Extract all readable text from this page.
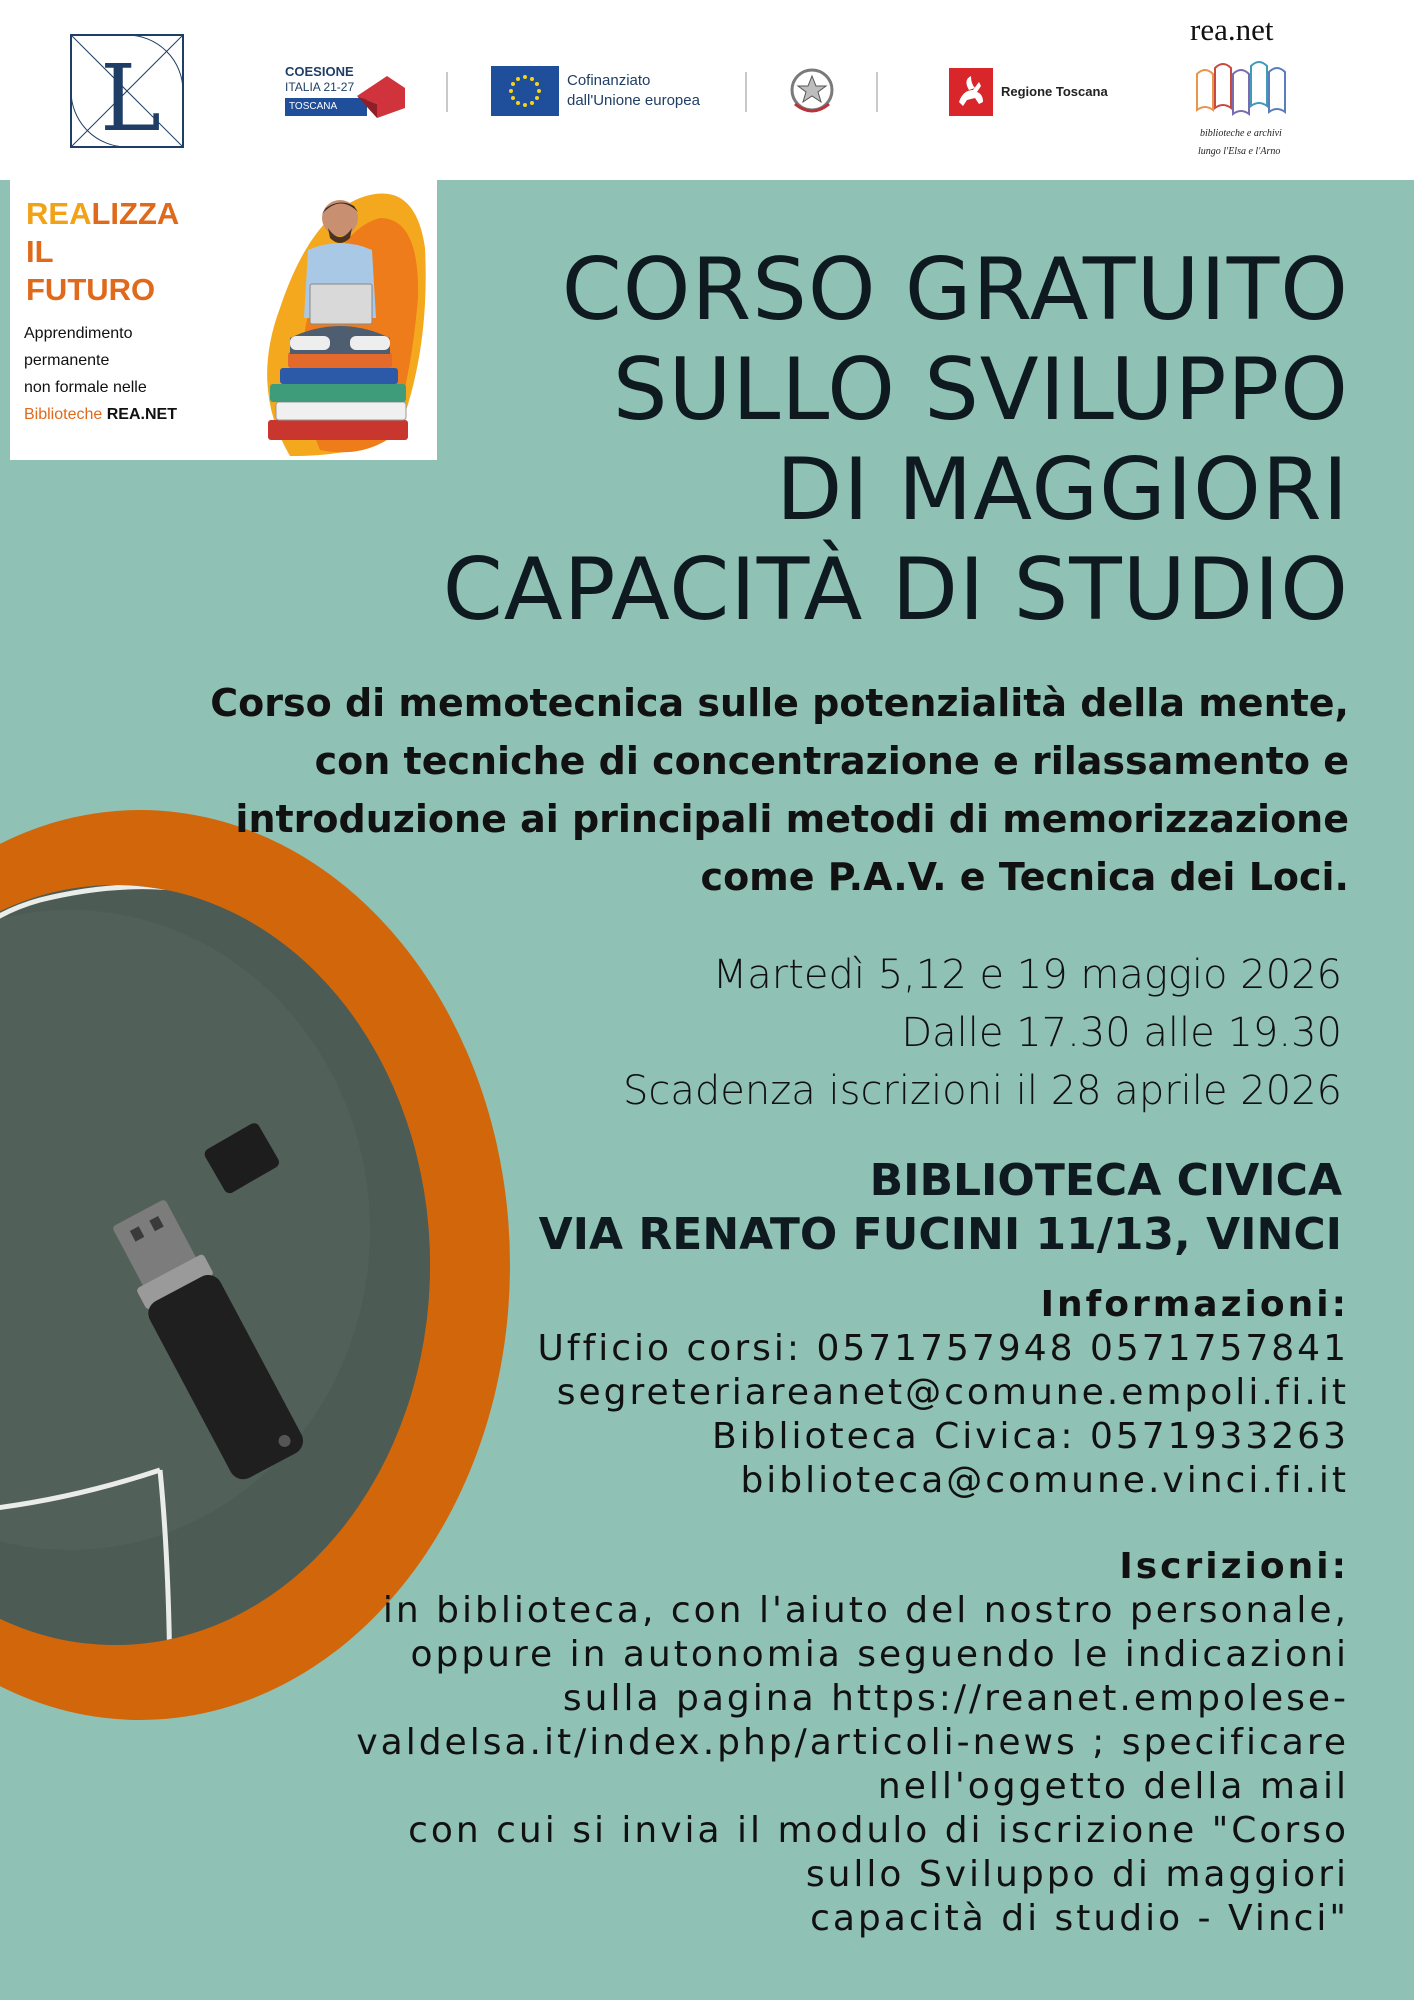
L	COESIONE
ITALIA 21-27
TOSCANA
Cofinanziato
dall'Unione europea
Regione Toscana
rea.net
biblioteche e archivi
lungo l'Elsa e l'Arno
REALIZZA
IL
FUTURO
Apprendimento
permanente
non formale nelle
Biblioteche REA.NET
CORSO GRATUITO
SULLO SVILUPPO
DI MAGGIORI
CAPACITÀ DI STUDIO
Corso di memotecnica sulle potenzialità della mente,
con tecniche di concentrazione e rilassamento e
introduzione ai principali metodi di memorizzazione
come P.A.V. e Tecnica dei Loci.
Martedì 5,12 e 19 maggio 2026
Dalle 17.30 alle 19.30
Scadenza iscrizioni il 28 aprile 2026
BIBLIOTECA CIVICA
VIA RENATO FUCINI 11/13, VINCI
Informazioni:
Ufficio corsi: 0571757948 0571757841
segreteriareanet@comune.empoli.fi.it
Biblioteca Civica: 0571933263
biblioteca@comune.vinci.fi.it
Iscrizioni:
in biblioteca, con l'aiuto del nostro personale,
oppure in autonomia seguendo le indicazioni
sulla pagina https://reanet.empolese-
valdelsa.it/index.php/articoli-news ; specificare
nell'oggetto della mail
con cui si invia il modulo di iscrizione "Corso
sullo Sviluppo di maggiori
capacità di studio - Vinci"
